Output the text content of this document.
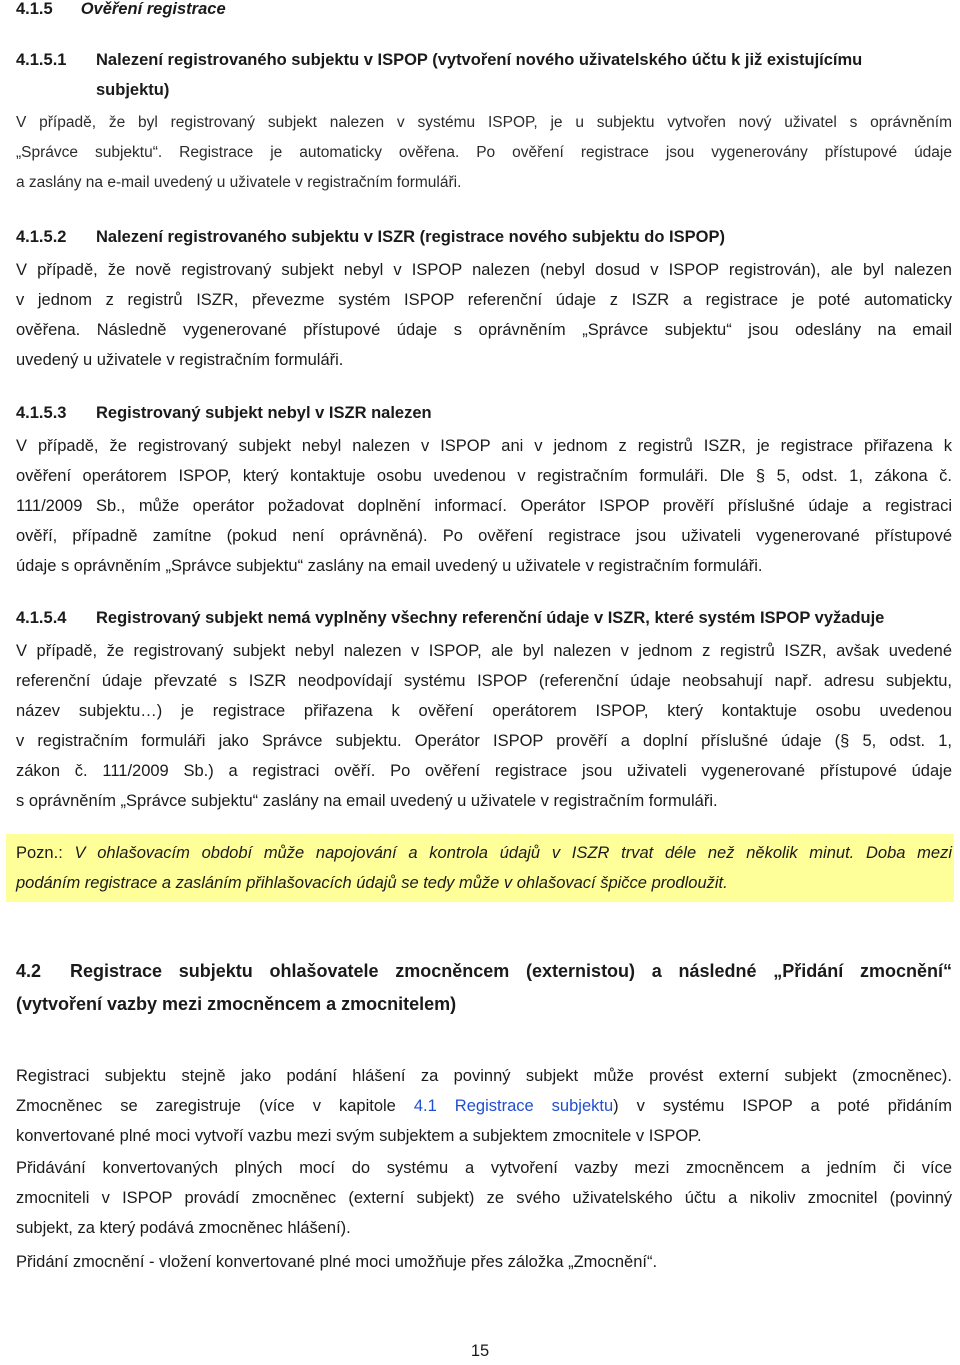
4.1.5 Ověření registrace
4.1.5.1 Nalezení registrovaného subjektu v ISPOP (vytvoření nového uživatelského účtu k již existujícímu
subjektu)
V případě, že byl registrovaný subjekt nalezen v systému ISPOP, je u subjektu vytvořen nový uživatel s oprávněním
„Správce subjektu“. Registrace je automaticky ověřena. Po ověření registrace jsou vygenerovány přístupové údaje
a zaslány na e-mail uvedený u uživatele v registračním formuláři.
4.1.5.2 Nalezení registrovaného subjektu v ISZR (registrace nového subjektu do ISPOP)
V případě, že nově registrovaný subjekt nebyl v ISPOP nalezen (nebyl dosud v ISPOP registrován), ale byl nalezen
v jednom z registrů ISZR, převezme systém ISPOP referenční údaje z ISZR a registrace je poté automaticky
ověřena. Následně vygenerované přístupové údaje s oprávněním „Správce subjektu“ jsou odeslány na email
uvedený u uživatele v registračním formuláři.
4.1.5.3 Registrovaný subjekt nebyl v ISZR nalezen
V případě, že registrovaný subjekt nebyl nalezen v ISPOP ani v jednom z registrů ISZR, je registrace přiřazena k
ověření operátorem ISPOP, který kontaktuje osobu uvedenou v registračním formuláři. Dle § 5, odst. 1, zákona č.
111/2009 Sb., může operátor požadovat doplnění informací. Operátor ISPOP prověří příslušné údaje a registraci
ověří, případně zamítne (pokud není oprávněná). Po ověření registrace jsou uživateli vygenerované přístupové
údaje s oprávněním „Správce subjektu“ zaslány na email uvedený u uživatele v registračním formuláři.
4.1.5.4 Registrovaný subjekt nemá vyplněny všechny referenční údaje v ISZR, které systém ISPOP vyžaduje
V případě, že registrovaný subjekt nebyl nalezen v ISPOP, ale byl nalezen v jednom z registrů ISZR, avšak uvedené
referenční údaje převzaté s ISZR neodpovídají systému ISPOP (referenční údaje neobsahují např. adresu subjektu,
název subjektu…) je registrace přiřazena k ověření operátorem ISPOP, který kontaktuje osobu uvedenou
v registračním formuláři jako Správce subjektu. Operátor ISPOP prověří a doplní příslušné údaje (§ 5, odst. 1,
zákon č. 111/2009 Sb.) a registraci ověří. Po ověření registrace jsou uživateli vygenerované přístupové údaje
s oprávněním „Správce subjektu“ zaslány na email uvedený u uživatele v registračním formuláři.
Pozn.: V ohlašovacím období může napojování a kontrola údajů v ISZR trvat déle než několik minut. Doba mezi
podáním registrace a zasláním přihlašovacích údajů se tedy může v ohlašovací špičce prodloužit.
4.2 Registrace subjektu ohlašovatele zmocněncem (externistou) a následné „Přidání zmocnění“
(vytvoření vazby mezi zmocněncem a zmocnitelem)
Registraci subjektu stejně jako podání hlášení za povinný subjekt může provést externí subjekt (zmocněnec).
Zmocněnec se zaregistruje (více v kapitole 4.1 Registrace subjektu) v systému ISPOP a poté přidáním
konvertované plné moci vytvoří vazbu mezi svým subjektem a subjektem zmocnitele v ISPOP.
Přidávání konvertovaných plných mocí do systému a vytvoření vazby mezi zmocněncem a jedním či více
zmocniteli v ISPOP provádí zmocněnec (externí subjekt) ze svého uživatelského účtu a nikoliv zmocnitel (povinný
subjekt, za který podává zmocněnec hlášení).
Přidání zmocnění - vložení konvertované plné moci umožňuje přes záložka „Zmocnění“.
15
